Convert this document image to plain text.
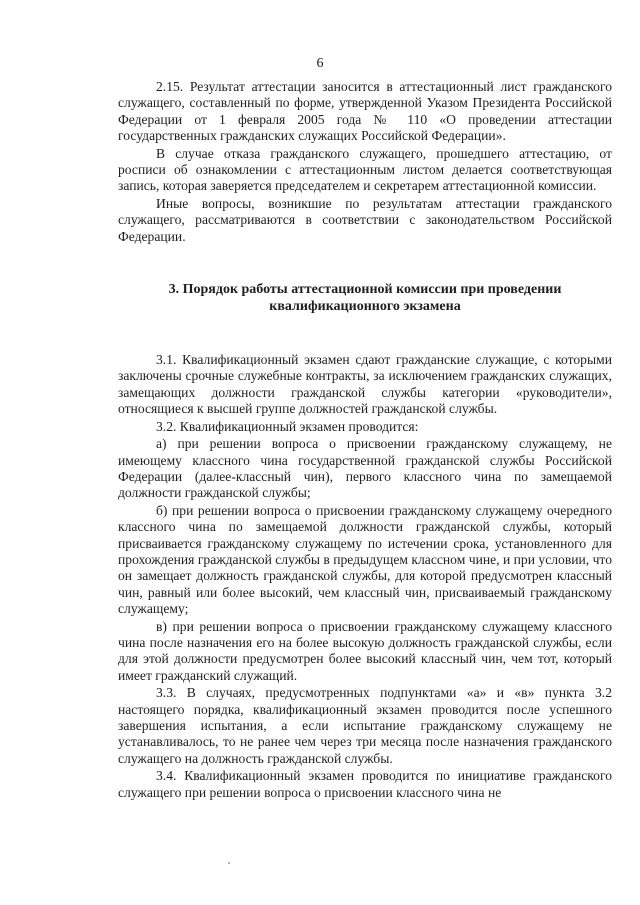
6

2.15. Результат аттестации заносится в аттестационный лист гражданского служащего, составленный по форме, утвержденной Указом Президента Российской Федерации от 1 февраля 2005 года № 110 «О проведении аттестации государственных гражданских служащих Российской Федерации».

В случае отказа гражданского служащего, прошедшего аттестацию, от росписи об ознакомлении с аттестационным листом делается соответствующая запись, которая заверяется председателем и секретарем аттестационной комиссии.

Иные вопросы, возникшие по результатам аттестации гражданского служащего, рассматриваются в соответствии с законодательством Российской Федерации.

3. Порядок работы аттестационной комиссии при проведении
квалификационного экзамена

3.1. Квалификационный экзамен сдают гражданские служащие, с которыми заключены срочные служебные контракты, за исключением гражданских служащих, замещающих должности гражданской службы категории «руководители», относящиеся к высшей группе должностей гражданской службы.

3.2. Квалификационный экзамен проводится:

а) при решении вопроса о присвоении гражданскому служащему, не имеющему классного чина государственной гражданской службы Российской Федерации (далее-классный чин), первого классного чина по замещаемой должности гражданской службы;

б) при решении вопроса о присвоении гражданскому служащему очередного классного чина по замещаемой должности гражданской службы, который присваивается гражданскому служащему по истечении срока, установленного для прохождения гражданской службы в предыдущем классном чине, и при условии, что он замещает должность гражданской службы, для которой предусмотрен классный чин, равный или более высокий, чем классный чин, присваиваемый гражданскому служащему;

в) при решении вопроса о присвоении гражданскому служащему классного чина после назначения его на более высокую должность гражданской службы, если для этой должности предусмотрен более высокий классный чин, чем тот, который имеет гражданский служащий.

3.3. В случаях, предусмотренных подпунктами «а» и «в» пункта 3.2 настоящего порядка, квалификационный экзамен проводится после успешного завершения испытания, а если испытание гражданскому служащему не устанавливалось, то не ранее чем через три месяца после назначения гражданского служащего на должность гражданской службы.

3.4. Квалификационный экзамен проводится по инициативе гражданского служащего при решении вопроса о присвоении классного чина не
